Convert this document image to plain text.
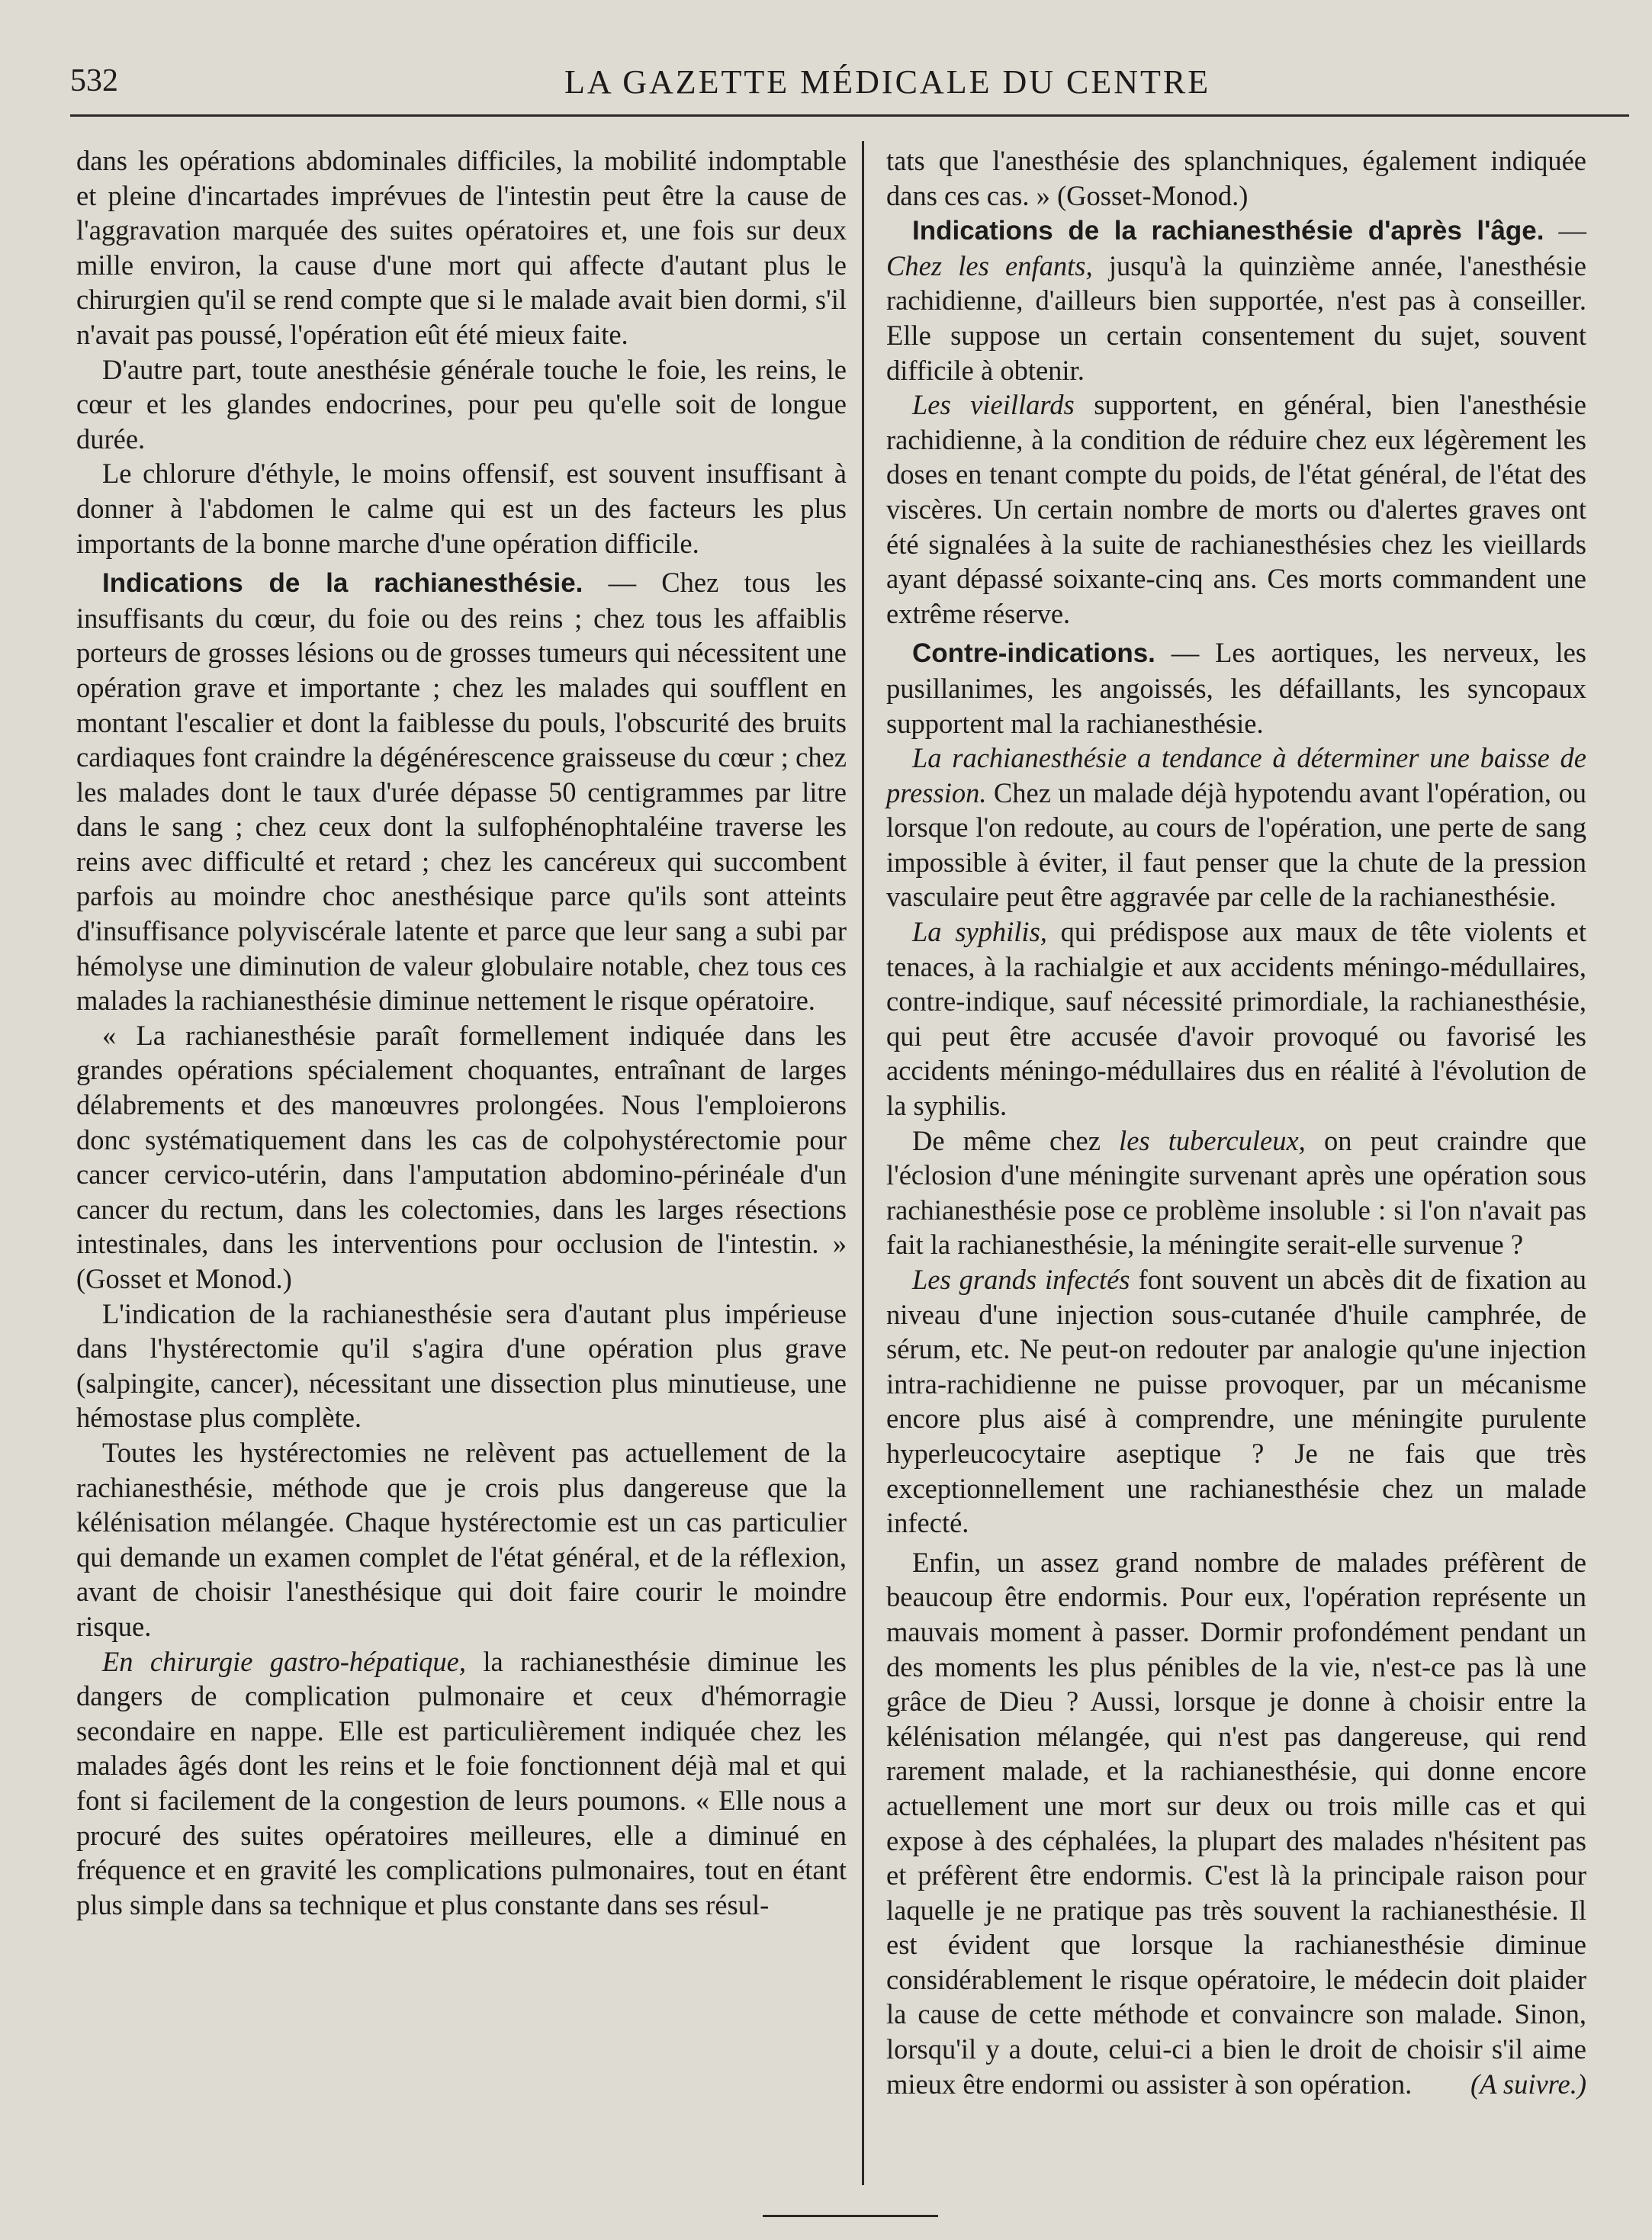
532	LA GAZETTE MÉDICALE DU CENTRE

dans les opérations abdominales difficiles, la mobilité indomptable et pleine d'incartades imprévues de l'intestin peut être la cause de l'aggravation marquée des suites opératoires et, une fois sur deux mille environ, la cause d'une mort qui affecte d'autant plus le chirurgien qu'il se rend compte que si le malade avait bien dormi, s'il n'avait pas poussé, l'opération eût été mieux faite.

D'autre part, toute anesthésie générale touche le foie, les reins, le cœur et les glandes endocrines, pour peu qu'elle soit de longue durée.

Le chlorure d'éthyle, le moins offensif, est souvent insuffisant à donner à l'abdomen le calme qui est un des facteurs les plus importants de la bonne marche d'une opération difficile.

Indications de la rachianesthésie. — Chez tous les insuffisants du cœur, du foie ou des reins ; chez tous les affaiblis porteurs de grosses lésions ou de grosses tumeurs qui nécessitent une opération grave et importante ; chez les malades qui soufflent en montant l'escalier et dont la faiblesse du pouls, l'obscurité des bruits cardiaques font craindre la dégénérescence graisseuse du cœur ; chez les malades dont le taux d'urée dépasse 50 centigrammes par litre dans le sang ; chez ceux dont la sulfophénophtaléine traverse les reins avec difficulté et retard ; chez les cancéreux qui succombent parfois au moindre choc anesthésique parce qu'ils sont atteints d'insuffisance polyviscérale latente et parce que leur sang a subi par hémolyse une diminution de valeur globulaire notable, chez tous ces malades la rachianesthésie diminue nettement le risque opératoire.

« La rachianesthésie paraît formellement indiquée dans les grandes opérations spécialement choquantes, entraînant de larges délabrements et des manœuvres prolongées. Nous l'emploierons donc systématiquement dans les cas de colpohystérectomie pour cancer cervico-utérin, dans l'amputation abdomino-périnéale d'un cancer du rectum, dans les colectomies, dans les larges résections intestinales, dans les interventions pour occlusion de l'intestin. » (Gosset et Monod.)

L'indication de la rachianesthésie sera d'autant plus impérieuse dans l'hystérectomie qu'il s'agira d'une opération plus grave (salpingite, cancer), nécessitant une dissection plus minutieuse, une hémostase plus complète.

Toutes les hystérectomies ne relèvent pas actuellement de la rachianesthésie, méthode que je crois plus dangereuse que la kélénisation mélangée. Chaque hystérectomie est un cas particulier qui demande un examen complet de l'état général, et de la réflexion, avant de choisir l'anesthésique qui doit faire courir le moindre risque.

En chirurgie gastro-hépatique, la rachianesthésie diminue les dangers de complication pulmonaire et ceux d'hémorragie secondaire en nappe. Elle est particulièrement indiquée chez les malades âgés dont les reins et le foie fonctionnent déjà mal et qui font si facilement de la congestion de leurs poumons. « Elle nous a procuré des suites opératoires meilleures, elle a diminué en fréquence et en gravité les complications pulmonaires, tout en étant plus simple dans sa technique et plus constante dans ses résul-

tats que l'anesthésie des splanchniques, également indiquée dans ces cas. » (Gosset-Monod.)

Indications de la rachianesthésie d'après l'âge. — Chez les enfants, jusqu'à la quinzième année, l'anesthésie rachidienne, d'ailleurs bien supportée, n'est pas à conseiller. Elle suppose un certain consentement du sujet, souvent difficile à obtenir.

Les vieillards supportent, en général, bien l'anesthésie rachidienne, à la condition de réduire chez eux légèrement les doses en tenant compte du poids, de l'état général, de l'état des viscères. Un certain nombre de morts ou d'alertes graves ont été signalées à la suite de rachianesthésies chez les vieillards ayant dépassé soixante-cinq ans. Ces morts commandent une extrême réserve.

Contre-indications. — Les aortiques, les nerveux, les pusillanimes, les angoissés, les défaillants, les syncopaux supportent mal la rachianesthésie.

La rachianesthésie a tendance à déterminer une baisse de pression. Chez un malade déjà hypotendu avant l'opération, ou lorsque l'on redoute, au cours de l'opération, une perte de sang impossible à éviter, il faut penser que la chute de la pression vasculaire peut être aggravée par celle de la rachianesthésie.

La syphilis, qui prédispose aux maux de tête violents et tenaces, à la rachialgie et aux accidents méningo-médullaires, contre-indique, sauf nécessité primordiale, la rachianesthésie, qui peut être accusée d'avoir provoqué ou favorisé les accidents méningo-médullaires dus en réalité à l'évolution de la syphilis.

De même chez les tuberculeux, on peut craindre que l'éclosion d'une méningite survenant après une opération sous rachianesthésie pose ce problème insoluble : si l'on n'avait pas fait la rachianesthésie, la méningite serait-elle survenue ?

Les grands infectés font souvent un abcès dit de fixation au niveau d'une injection sous-cutanée d'huile camphrée, de sérum, etc. Ne peut-on redouter par analogie qu'une injection intra-rachidienne ne puisse provoquer, par un mécanisme encore plus aisé à comprendre, une méningite purulente hyperleucocytaire aseptique ? Je ne fais que très exceptionnellement une rachianesthésie chez un malade infecté.

Enfin, un assez grand nombre de malades préfèrent de beaucoup être endormis. Pour eux, l'opération représente un mauvais moment à passer. Dormir profondément pendant un des moments les plus pénibles de la vie, n'est-ce pas là une grâce de Dieu ? Aussi, lorsque je donne à choisir entre la kélénisation mélangée, qui n'est pas dangereuse, qui rend rarement malade, et la rachianesthésie, qui donne encore actuellement une mort sur deux ou trois mille cas et qui expose à des céphalées, la plupart des malades n'hésitent pas et préfèrent être endormis. C'est là la principale raison pour laquelle je ne pratique pas très souvent la rachianesthésie. Il est évident que lorsque la rachianesthésie diminue considérablement le risque opératoire, le médecin doit plaider la cause de cette méthode et convaincre son malade. Sinon, lorsqu'il y a doute, celui-ci a bien le droit de choisir s'il aime mieux être endormi ou assister à son opération.	(A suivre.)
